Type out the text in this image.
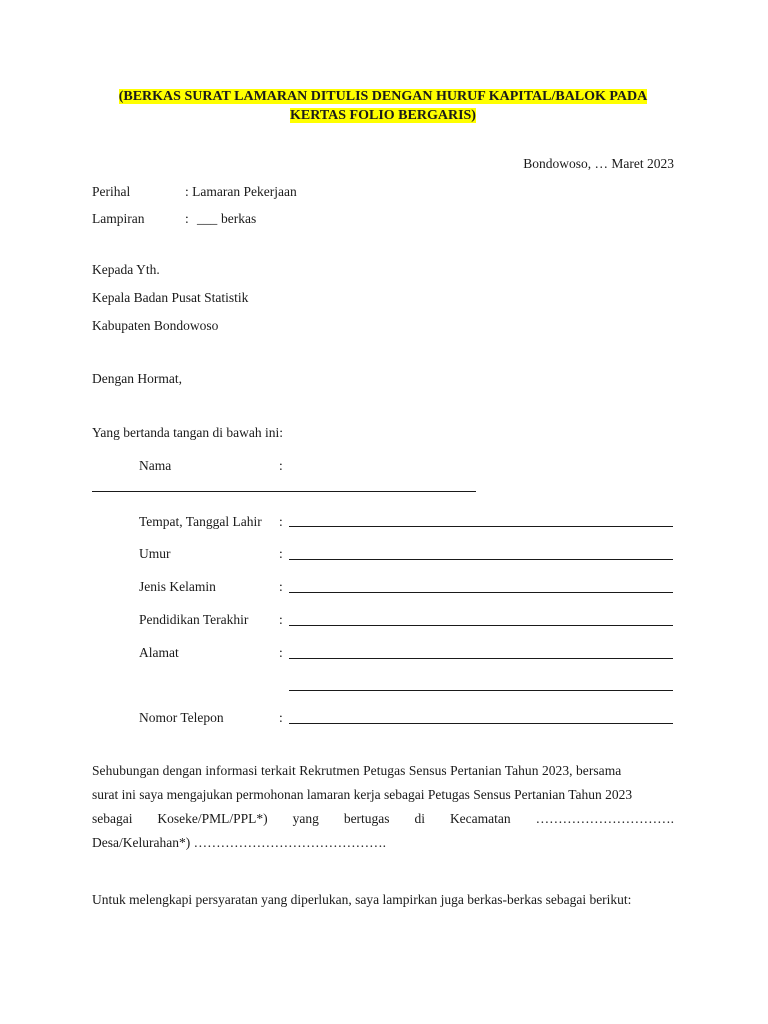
(BERKAS SURAT LAMARAN DITULIS DENGAN HURUF KAPITAL/BALOK PADA
KERTAS FOLIO BERGARIS)
Bondowoso, … Maret 2023
Perihal	: Lamaran Pekerjaan
Lampiran	: ___ berkas
Kepada Yth.
Kepala Badan Pusat Statistik
Kabupaten Bondowoso
Dengan Hormat,
Yang bertanda tangan di bawah ini:
Nama	:
Tempat, Tanggal Lahir :
Umur	:
Jenis Kelamin	:
Pendidikan Terakhir :
Alamat	:
Nomor Telepon	:
Sehubungan dengan informasi terkait Rekrutmen Petugas Sensus Pertanian Tahun 2023, bersama
surat ini saya mengajukan permohonan lamaran kerja sebagai Petugas Sensus Pertanian Tahun 2023
sebagai Koseke/PML/PPL*) yang bertugas di Kecamatan ………………………….
Desa/Kelurahan*) …………………………………….
Untuk melengkapi persyaratan yang diperlukan, saya lampirkan juga berkas-berkas sebagai berikut:
